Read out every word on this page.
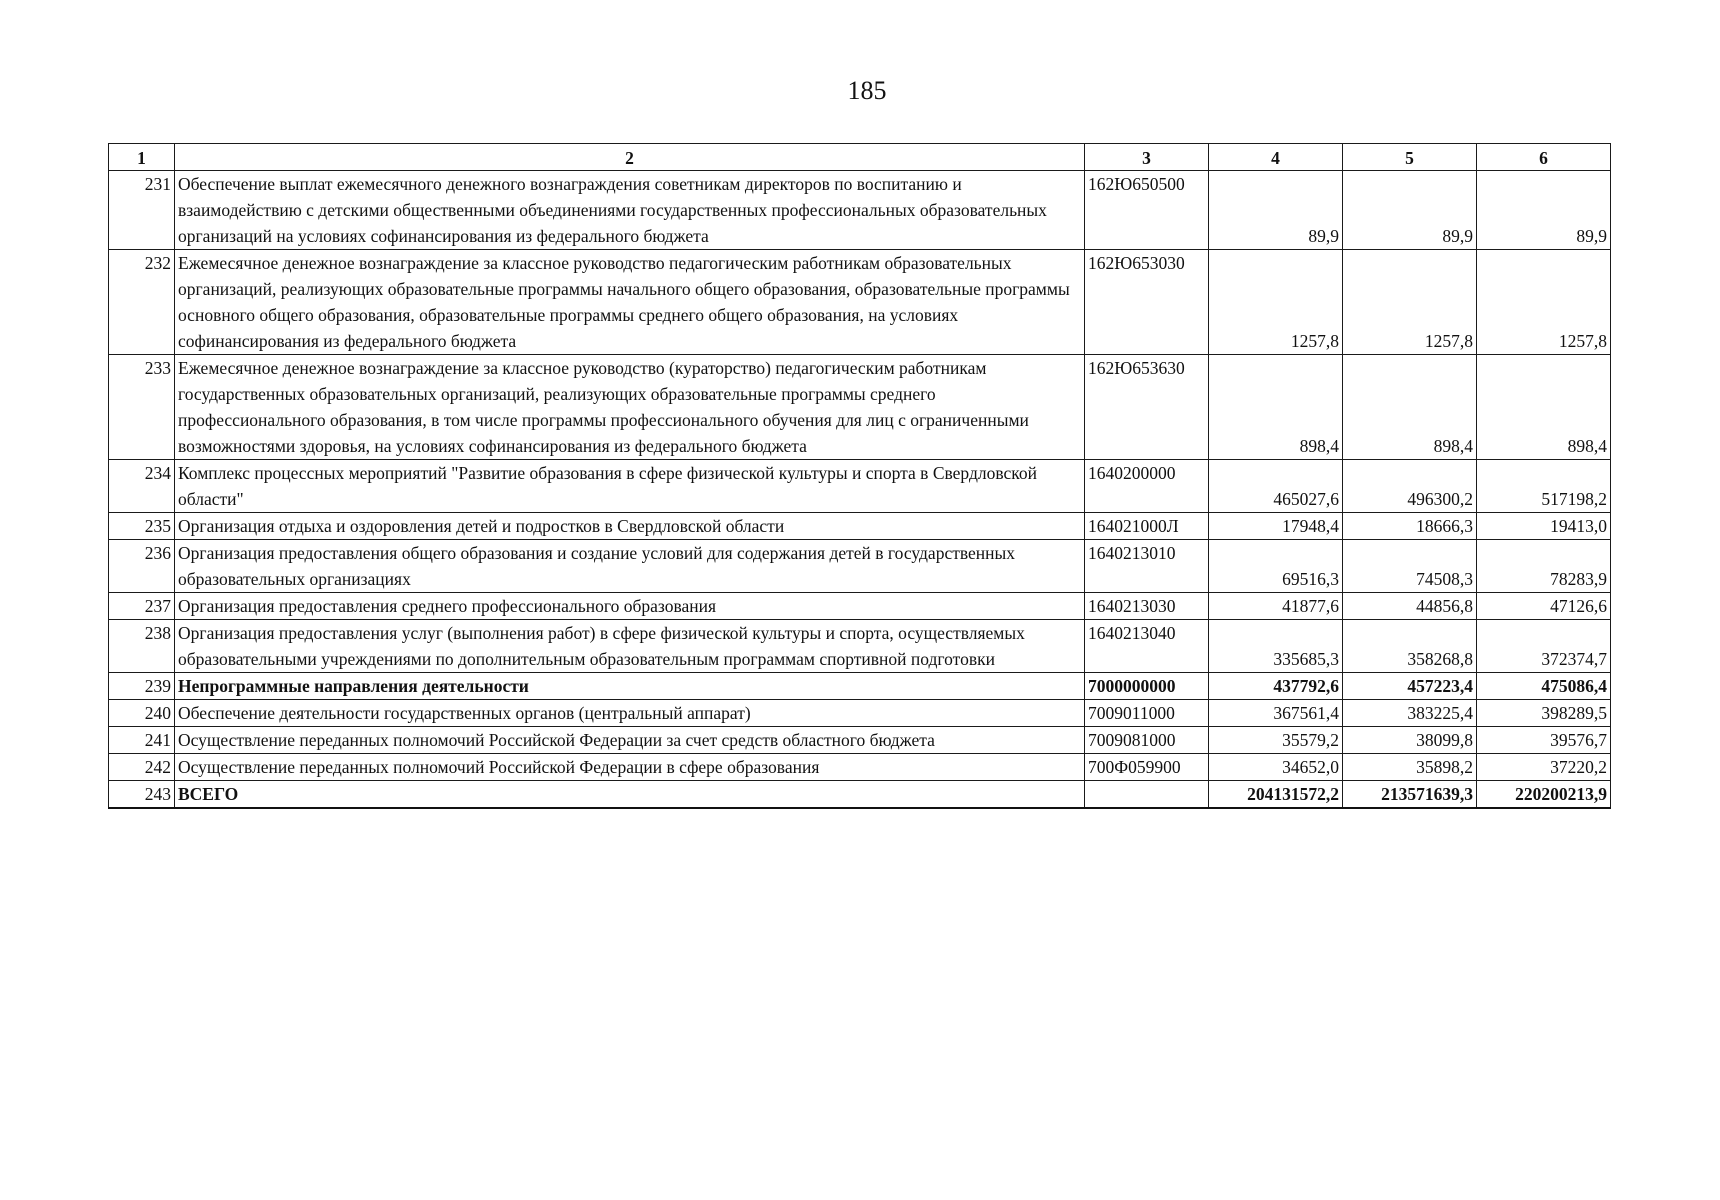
185
1	2	3	4	5	6
231	Обеспечение выплат ежемесячного денежного вознаграждения советникам директоров по воспитанию и взаимодействию с детскими общественными объединениями государственных профессиональных образовательных организаций на условиях софинансирования из федерального бюджета	162Ю650500	89,9	89,9	89,9
232	Ежемесячное денежное вознаграждение за классное руководство педагогическим работникам образовательных организаций, реализующих образовательные программы начального общего образования, образовательные программы основного общего образования, образовательные программы среднего общего образования, на условиях софинансирования из федерального бюджета	162Ю653030	1257,8	1257,8	1257,8
233	Ежемесячное денежное вознаграждение за классное руководство (кураторство) педагогическим работникам государственных образовательных организаций, реализующих образовательные программы среднего профессионального образования, в том числе программы профессионального обучения для лиц с ограниченными возможностями здоровья, на условиях софинансирования из федерального бюджета	162Ю653630	898,4	898,4	898,4
234	Комплекс процессных мероприятий "Развитие образования в сфере физической культуры и спорта в Свердловской области"	1640200000	465027,6	496300,2	517198,2
235	Организация отдыха и оздоровления детей и подростков в Свердловской области	164021000Л	17948,4	18666,3	19413,0
236	Организация предоставления общего образования и создание условий для содержания детей в государственных образовательных организациях	1640213010	69516,3	74508,3	78283,9
237	Организация предоставления среднего профессионального образования	1640213030	41877,6	44856,8	47126,6
238	Организация предоставления услуг (выполнения работ) в сфере физической культуры и спорта, осуществляемых образовательными учреждениями по дополнительным образовательным программам спортивной подготовки	1640213040	335685,3	358268,8	372374,7
239	Непрограммные направления деятельности	7000000000	437792,6	457223,4	475086,4
240	Обеспечение деятельности государственных органов (центральный аппарат)	7009011000	367561,4	383225,4	398289,5
241	Осуществление переданных полномочий Российской Федерации за счет средств областного бюджета	7009081000	35579,2	38099,8	39576,7
242	Осуществление переданных полномочий Российской Федерации в сфере образования	700Ф059900	34652,0	35898,2	37220,2
243	ВСЕГО		204131572,2	213571639,3	220200213,9
